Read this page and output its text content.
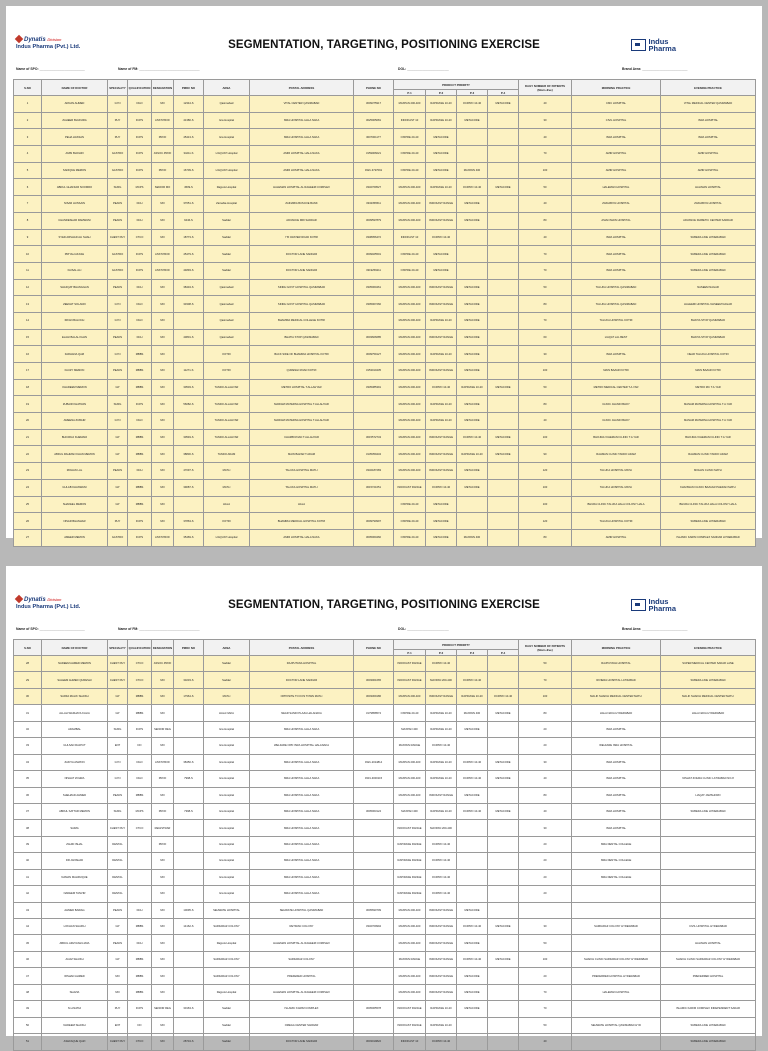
Dynatis Division
Indus Pharma (Pvt.) Ltd.	SEGMENTATION, TARGETING, POSITIONING EXERCISE	Indus
Pharma
Name of SPO: ________________________	Name of FM: ________________________________	DOL: ______________________	Brand Area: ________________________
S.NO	NAME OF DOCTOR	SPECIALITY	QUALIFICATION	DESIGNATION	PMDC NO	AREA	POSTAL ADDRESS	PHONE NO	PRODUCT PRIORITY				DAILY NUMBER OF PATIENTS (Morn+Eve)	MORNING PRACTICE	EVENING PRACTICE
									P-1	P-2	P-3	P-4			
1	ADNAN AHMED	GYN	DGO	MO	12344-S	Qasimabad	VITAL CENTER QASIMABAD	3009375917	MAXPAN 200-400	RAPIDASE 10-20	OCIPRO 10-40	METACODE	40	CMC HOSPITAL	VITAL MEDICAL CENTER QASIMABAD
2	ZAHEER BHUNJRA	PHY	FCPS	ASST.PROF	41380-S	Isra Hospital	ISRA HOSPITAL HALA NAKA	3025005081	INDOKAST 10	RAPIDASE 10-20	METACODE		30	CIVIL HOSPITAL	ISRA HOSPITAL
3	PEHA HASSAN	PHY	FCPS	PROF	45413-S	Isra Hospital	ISRA HOSPITAL HALA NAKA	3007001177	OXIPRE 20-40	METACODE			40	ISRA HOSPITAL	ISRA HOSPITAL
4	AMIN BHOHRI	GASTRO	FCPS	ASSOC.PROF	34211-S	LIAQUAT Hospital	AMIR HOSPITAL HALA NAKA	3159006021	OXIPRE 20-40	METACODE			70	AMIR HOSPITAL	AMIR HOSPITAL
5	SADIQUE MEMON	GASTRO	FCPS	PROF	16709-S	LIAQUAT Hospital	AMIR HOSPITAL HALA NAKA	0321-3727091	OXIPRE 20-40	METACODE	MAXPAN 400		100	AMIR HOSPITAL	AMIR HOSPITAL
6	ABDUL GHAFFAR SOOMRO	SURG	MCPS	SENIOR MO	4509-S	Rajputs Hospital	HALEMAN HOSPITAL AL RAHEEM COMPLEX	3332769527	MAXPAN 200-400	RAPIDASE 10-20	OCIPRO 10-40	METACODE	50	HALEMAN HOSPITAL	HALIMAN HOSPITAL
7	NISAR HUSSAIN	PEADS	DCH	MO	37651-S	Zainabia Hospital	ZAINABIA BUSCOE BANK	3332356511	MAXPAN 200-400	INDOKAST RANGE	METACODE		40	ZAINABIYA HOSPITAL	ZAINABIYA HOSPITAL
8	CHANDESHAR RAMWANI	PEADS	DCH	MO	9446-S	Saddar	ADVANCE MRI SADDAR	3009597879	MAXPAN 200-400	INDOKAST RANGE	METACODE		80	ASIAN MAIN HOSPITAL	ADVANCE DIABETIC CENTER SADDAR
9	SYED ARSHAD ALI SHAH	CHEST PHY	CTCO	MO	18773-S	Saddar	7 B CRATER ROAD KOTRI	3338056472	INDOKAST 10	OCIPRO 10-40			40	ISRA HOSPITAL	SUBEDA LINE HYDERABAD
10	PRIYAH AKASH	GASTRO	FCPS	ASST.PROF	45479-S	Saddar	DOCTOR LANE SADDAR	3009025501	OXIPRE 20-40	METACODE			70	ISRA HOSPITAL	SUBEDA LINE HYDERABAD
11	FAISAL ALI	GASTRO	FCPS	ASST.PROF	44893-S	Saddar	DOCTOR LANE SADDAR	3319259211	OXIPRE 20-40	METACODE			70	ISRA HOSPITAL	SUBEDA LINE HYDERABAD
12	SHAFQAT BHANGGAN	PEADS	DCH	MO	38434-S	Qasimabad	SINDH GOVT HOSPITAL QASIMABAD	3335060461	MAXPAN 200-400	INDOKAST RANGE	METACODE		50	TALUKA HOSPITAL QASIMABAD	NASEEM NAGAR
13	ZEENAT SOLANKI	GYN	DGO	MO	33308-S	Qasimabad	SINDH GOVT HOSPITAL QASIMABAD	3305007260	MAXPAN 200-400	INDOKAST RANGE	METACODE		80	TALUKA HOSPITAL QASIMABAD	HALEEMI HOSPITAL NASEEM NAGAR
14	IRFAN BALOCH	GYN	DGO	MO		Qasimabad	BHAMRIA MEDICAL COLLEGE KOTRI		MAXPAN 200-400	RAPIDASE 10-20	METACODE		70	TALUKA HOSPITAL KOTRI	BHATIA STOP QASIMABAD
15	ELAHI BALAL KHAN	PEADS	DCH	MO	43801-S	Qasimabad	BHATIA STOP QASIMABAD	3003606685	MAXPAN 200-400	INDOKAST RANGE	METACODE		60	LIAQAT LAL BEST	BHATIA STOP QASIMABAD
16	FARHANA QAZI	GYN	MBBS	MO		KOTRI	BACK SIDE OF BHAMRIA HOSPITAL KOTRI	3009759127	MAXPAN 200-400	RAPIDASE 10-20	METACODE		30	ISRA HOSPITAL	NEAR TALUKA HOSPITAL KOTRI
17	FAUZY MEMON	PEADS	MBBS	MO	11271-S	KOTRI	QURESHI ROAD KOTRI	3153010435	MAXPAN 200-400	INDOKAST RANGE	METACODE		100	MAIN BAZAR KOTRI	MAIN BAZAR KOTRI
18	KHADEEM MEMON	GP	MBBS	MO	30503-S	TANDO ALLAHYAR	METRO HOSPITAL T.ALLAHYAR	3335385391	MAXPAN 200-400	OCIPRO 10-40	RAPIDASE 10-20	METACODE	50	METRO MEDICAL CENTER T.A.YAR	METRO MC T.A.YAR
19	ZUBAIR KHATRAN	SURG	FCPS	MO	56082-S	TANDO ALLAHYAR	MARIAM MATERNA HOSPITAL T.ALLAHYAR		MAXPAN 200-400	RAPIDASE 10-20	METACODE		80	CLINIC JHANDI BHOY	MANAM MATERNA HOSPITAL T.A.YAR
20	AMEENA ZUBAIR	GYN	DGO	MO		TANDO ALLAHYAR	MARIAM MATERNA HOSPITAL T.ALLAHYAR		MAXPAN 200-400	RAPIDASE 10-20	METACODE		40	CLINIC JHANDI BHOY	MANAM MATERNA HOSPITAL T.A.YAR
21	BHOJRAJ KHEMANI	GP	MBBS	MO	30549-S	TANDO ALLAHYAR	CHAMB ROAD T.ALLAHYAR	3015572743	MAXPAN 200-400	INDOKAST RANGE	OCIPRO 10-40	METACODE	100	BHOJRAJ KHEMANI CLINIC T.A.YAR	BHOJRAJ KHEMANI CLINIC T.A.YAR
22	ABDUL RAHMAN KHAN MEMON	GP	MBBS	MO	38830-S	TANDO ADAM	MAIN BAZAR T.ADAM	3135359434	MAXPAN 200-400	INDOKAST RANGE	RAPIDASE 10-20	METACODE	90	RAHMAN CLINIC TANDO ADAM	RAHMAN CLINIC TANDO ADAM
23	MOHAN LAL	PEADS	DCH	MO	47097-S	MATLI	TALUKA HOSPITAL MATLI	3332187283	MAXPAN 200-400	INDOKAST RANGE	METACODE		120	TALUKA HOSPITAL MATLI	MOHAN CLINIC MATLI
24	GULAB KHANWANI	GP	MBBS	MO	39087-S	MATLI	TALUKA HOSPITAL MATLI	3015721651	INDOKAST RANGE	OCIPRO 10-40	METACODE		100	TALUKA HOSPITAL MATLI	KHANWANI CLINIC BAZAAR PHEDAN MATLI
25	SHAKEEL MEMON	GP	MBBS	MO		HALA	HALA		OXIPRE 20-40	METACODE			100	BHURA CLINIC TALUKA HALA COLONY HALA	BHURA CLINIC TALUKA HALA COLONY HALA
26	NISAR BHANHAR	PHY	FCPS	MO	37863-S	KOTRI	BHAMRIA MEDICAL HOSPITAL KOTRI	3009790997	OXIPRE 20-40	METACODE			120	TALUKA HOSPITAL KOTRI	SUBEDA LINE HYDERABAD
27	AMEER MEMON	GASTRO	FCPS	ASST.PROF	35469-S	LIAQUAT Hospital	AMIR HOSPITAL HALA NAKA	3005060460	OXIPRE 20-40	METACODE	MAXPAN 400		80	AMIR HOSPITAL	ISLAMIC KARIM COMPLEX SADDAR HYDERABAD
Dynatis Division
Indus Pharma (Pvt.) Ltd.	SEGMENTATION, TARGETING, POSITIONING EXERCISE	Indus
Pharma
Name of SPO: ________________________	Name of FM: ________________________________	DOL: ______________________	Brand Area: ________________________
S.NO	NAME OF DOCTOR	SPECIALITY	QUALIFICATION	DESIGNATION	PMDC NO	AREA	POSTAL ADDRESS	PHONE NO	PRODUCT PRIORITY				DAILY NUMBER OF PATIENTS (Morn+Eve)	MORNING PRACTICE	EVENING PRACTICE
									P-1	P-2	P-3	P-4			
28	NADEEM AHMED MEMON	CHEST PHY	CTCO	ASSOC.PROF		Saddar	RAJPUTANA HOSPITAL		INDOKAST RANGE	OCIPRO 10-40			50	RAJPUTANA HOSPITAL	SUPER MEDICAL CENTER SADAR LANE
29	SALEEM AHMED QURESHI	CHEST PHY	CTCO	MO	33233-S	Saddar	DOCTOR LANE SADDAR	3003001665	INDOKAST RANGE	MAXPAN 200-400	OCIPRO 10-40		70	RIVIERA HOSPITAL LATIFABAD	SUBEDA LINE HYDERABAD
30	SARFA MALIK SHAIKH	GP	MBBS	MO	17964-S	MATLI	OPPOSITE TO KOS TOWN MATLI	3003309186	MAXPAN 200-400	INDOKAST RANGE	RAPIDASE 10-20	OCIPRO 10-40	100	MALIK SHAIKH MEDICAL CENTER MATLI	MALIK SHAIKH MEDICAL CENTER MATLI
31	ALLAH WADHAYA KALIA	GP	MBBS	MO		HALA NAKA	NEAR SANDI PLAZA HALANAKA	3179858574	OXIPRE 20-40	RAPIDASE 10-20	MAXPAN 400	METACODE	80	HALA NAKA HYDERABAD	HALA NAKA HYDERABAD
32	ADAMBAL	SURG	FCPS	SENIOR REG		Isra Hospital	ISRA HOSPITAL HALA NAKA		MAXPAN 400	RAPIDASE 10-20	METACODE		20	ISRA HOSPITAL	
33	GULSAD RAJPUT	ENT	DO	MO		Isra Hospital	WELFARE OPD ISRA HOSPITAL HALANAKA		MAXPAN RANGE	OCIPRO 10-40			20	WELFARE ISRA HOSPITAL	
34	ZAKIYA ANWON	GYN	DGO	ASST.PROF	38450-S	Isra Hospital	ISRA HOSPITAL HALA NAKA	0321-2014814	MAXPAN 200-400	RAPIDASE 10-20	OCIPRO 10-40	METACODE	30	ISRA HOSPITAL	
35	NISHAT ZOHRA	GYN	DGO	PROF	7998-S	Isra Hospital	ISRA HOSPITAL HALA NAKA	0331-3000115	MAXPAN 200-400	RAPIDASE 10-20	OCIPRO 10-40	METACODE	40	ISRA HOSPITAL	NISHAT ZOHRA CLINIC LATIFABAD NO-8
36	SHEHZAD AHMED	PEADS	MBBS	MO		Isra Hospital	ISRA HOSPITAL HALA NAKA		MAXPAN 200-400	INDOKAST RANGE	METACODE		80	ISRA HOSPITAL	LIAQAT JAMSHORO
37	ABDUL SATTAR MEMON	SURG	MCPS	PROF	7398-S	Isra Hospital	ISRA HOSPITAL HALA NAKA	3005063124	MAXPAN 400	RAPIDASE 10-20	OCIPRO 10-40	METACODE	40	ISRA HOSPITAL	SUBEDA LINE HYDERABAD
38	SAIMA	CHEST PHY	CTCO	REGISTRAR		Isra Hospital	ISRA HOSPITAL HALA NAKA		INDOKAST RANGE	MAXPAN 200-400			30	ISRA HOSPITAL	
39	ZAHID ISHAL	DENTAL		PROF		Isra Hospital	ISRA HOSPITAL HALA NAKA		RAPIDASE RANGE	OCIPRO 10-40			20	ISRA DENTAL COLLEGE	
40	DR.JANSHAD	DENTAL		MO		Isra Hospital	ISRA HOSPITAL HALA NAKA		RAPIDASE RANGE	OCIPRO 10-40			20	ISRA DENTAL COLLEGE	
41	NAMAN MAHRUQUE	DENTAL		MO		Isra Hospital	ISRA HOSPITAL HALA NAKA		RAPIDASE RANGE	OCIPRO 10-40			20	ISRA DENTAL COLLEGE	
42	NADEEM TANVIR	DENTAL		MO		Isra Hospital	ISRA HOSPITAL HALA NAKA		RAPIDASE RANGE	OCIPRO 10-40			20		
43	AHMED BAWAG	PEADS	DCH	MO	10095-S	SEHWATE HOSPITAL	SEHWATE HOSPITAL QASIMABAD	3005690709	MAXPAN 200-400	INDOKAST RANGE	METACODE				
44	LOKHAN SHAIKH	GP	MBBS	MO	14162-S	SARFARAZ COLONY	RETIRAN COLONY	3332709994	MAXPAN 200-400	INDOKAST RANGE	OCIPRO 10-40	METACODE	30	SARFARAZ COLONY HYDERABAD	CIVIL HOSPITAL HYDERABAD
45	ABDUL AZIZ RAHUJAVA	PEADS	DCH	MO		Rajputs Hospital	HALEMAN HOSPITAL AL RAHEEM COMPLEX		MAXPAN 200-400	INDOKAST RANGE	METACODE		50		HALIMAN HOSPITAL
46	AIJAZ SHAIKH	GP	MBBS	MO		SARFARAZ COLONY	SARFARAZ COLONY		MAXPAN RANGE	INDOKAST RANGE	OCIPRO 10-40	METACODE	100	SHAIKH CLINIC SARFARAZ COLONY HYDERABAD	SHAIKH CLINIC SARFARAZ COLONY HYDERABAD
47	IRSHAD AHMED	MO	MBBS	MO		SARFARAZ COLONY	PREFERED HOSPITAL		MAXPAN 200-400	INDOKAST RANGE	METACODE		20	PREFERRED HOSPITAL HYDERABAD	PREFERRED HOSPITAL
48	SHAZIA	MO	MBBS	MO		Rajputs Hospital	HALEMAN HOSPITAL AL RAHEEM COMPLEX		MAXPAN 200-400	INDOKAST RANGE	METACODE		70	HALEMAN HOSPITAL	
49	N.H.NATHI	PHY	FCPS	SENIOR REG	30163-S	Saddar	ISLAMIC KARIM COMPLEX	3005065578	INDOKAST RANGE	RAPIDASE 10-20	METACODE		70		ISLAMIC KARIM COMPLEX INDEPENDENT SADAR
50	NADEEM SHAIKH	ENT	DO	MO		Saddar	OMEGA CENTER SADDAR		INDOKAST RANGE	RAPIDASE 10-20			50	SEHWATE HOSPITAL QASIMABAD HYD	SUBEDA LINE HYDERABAD
51	ASHFAQUE QAZI	CHEST PHY	CTCO	MO	28734-S	Saddar	DOCTOR LANE SADDAR	3003019822	INDOKAST 10	OCIPRO 10-40			40		SUBEDA LINE HYDERABAD
